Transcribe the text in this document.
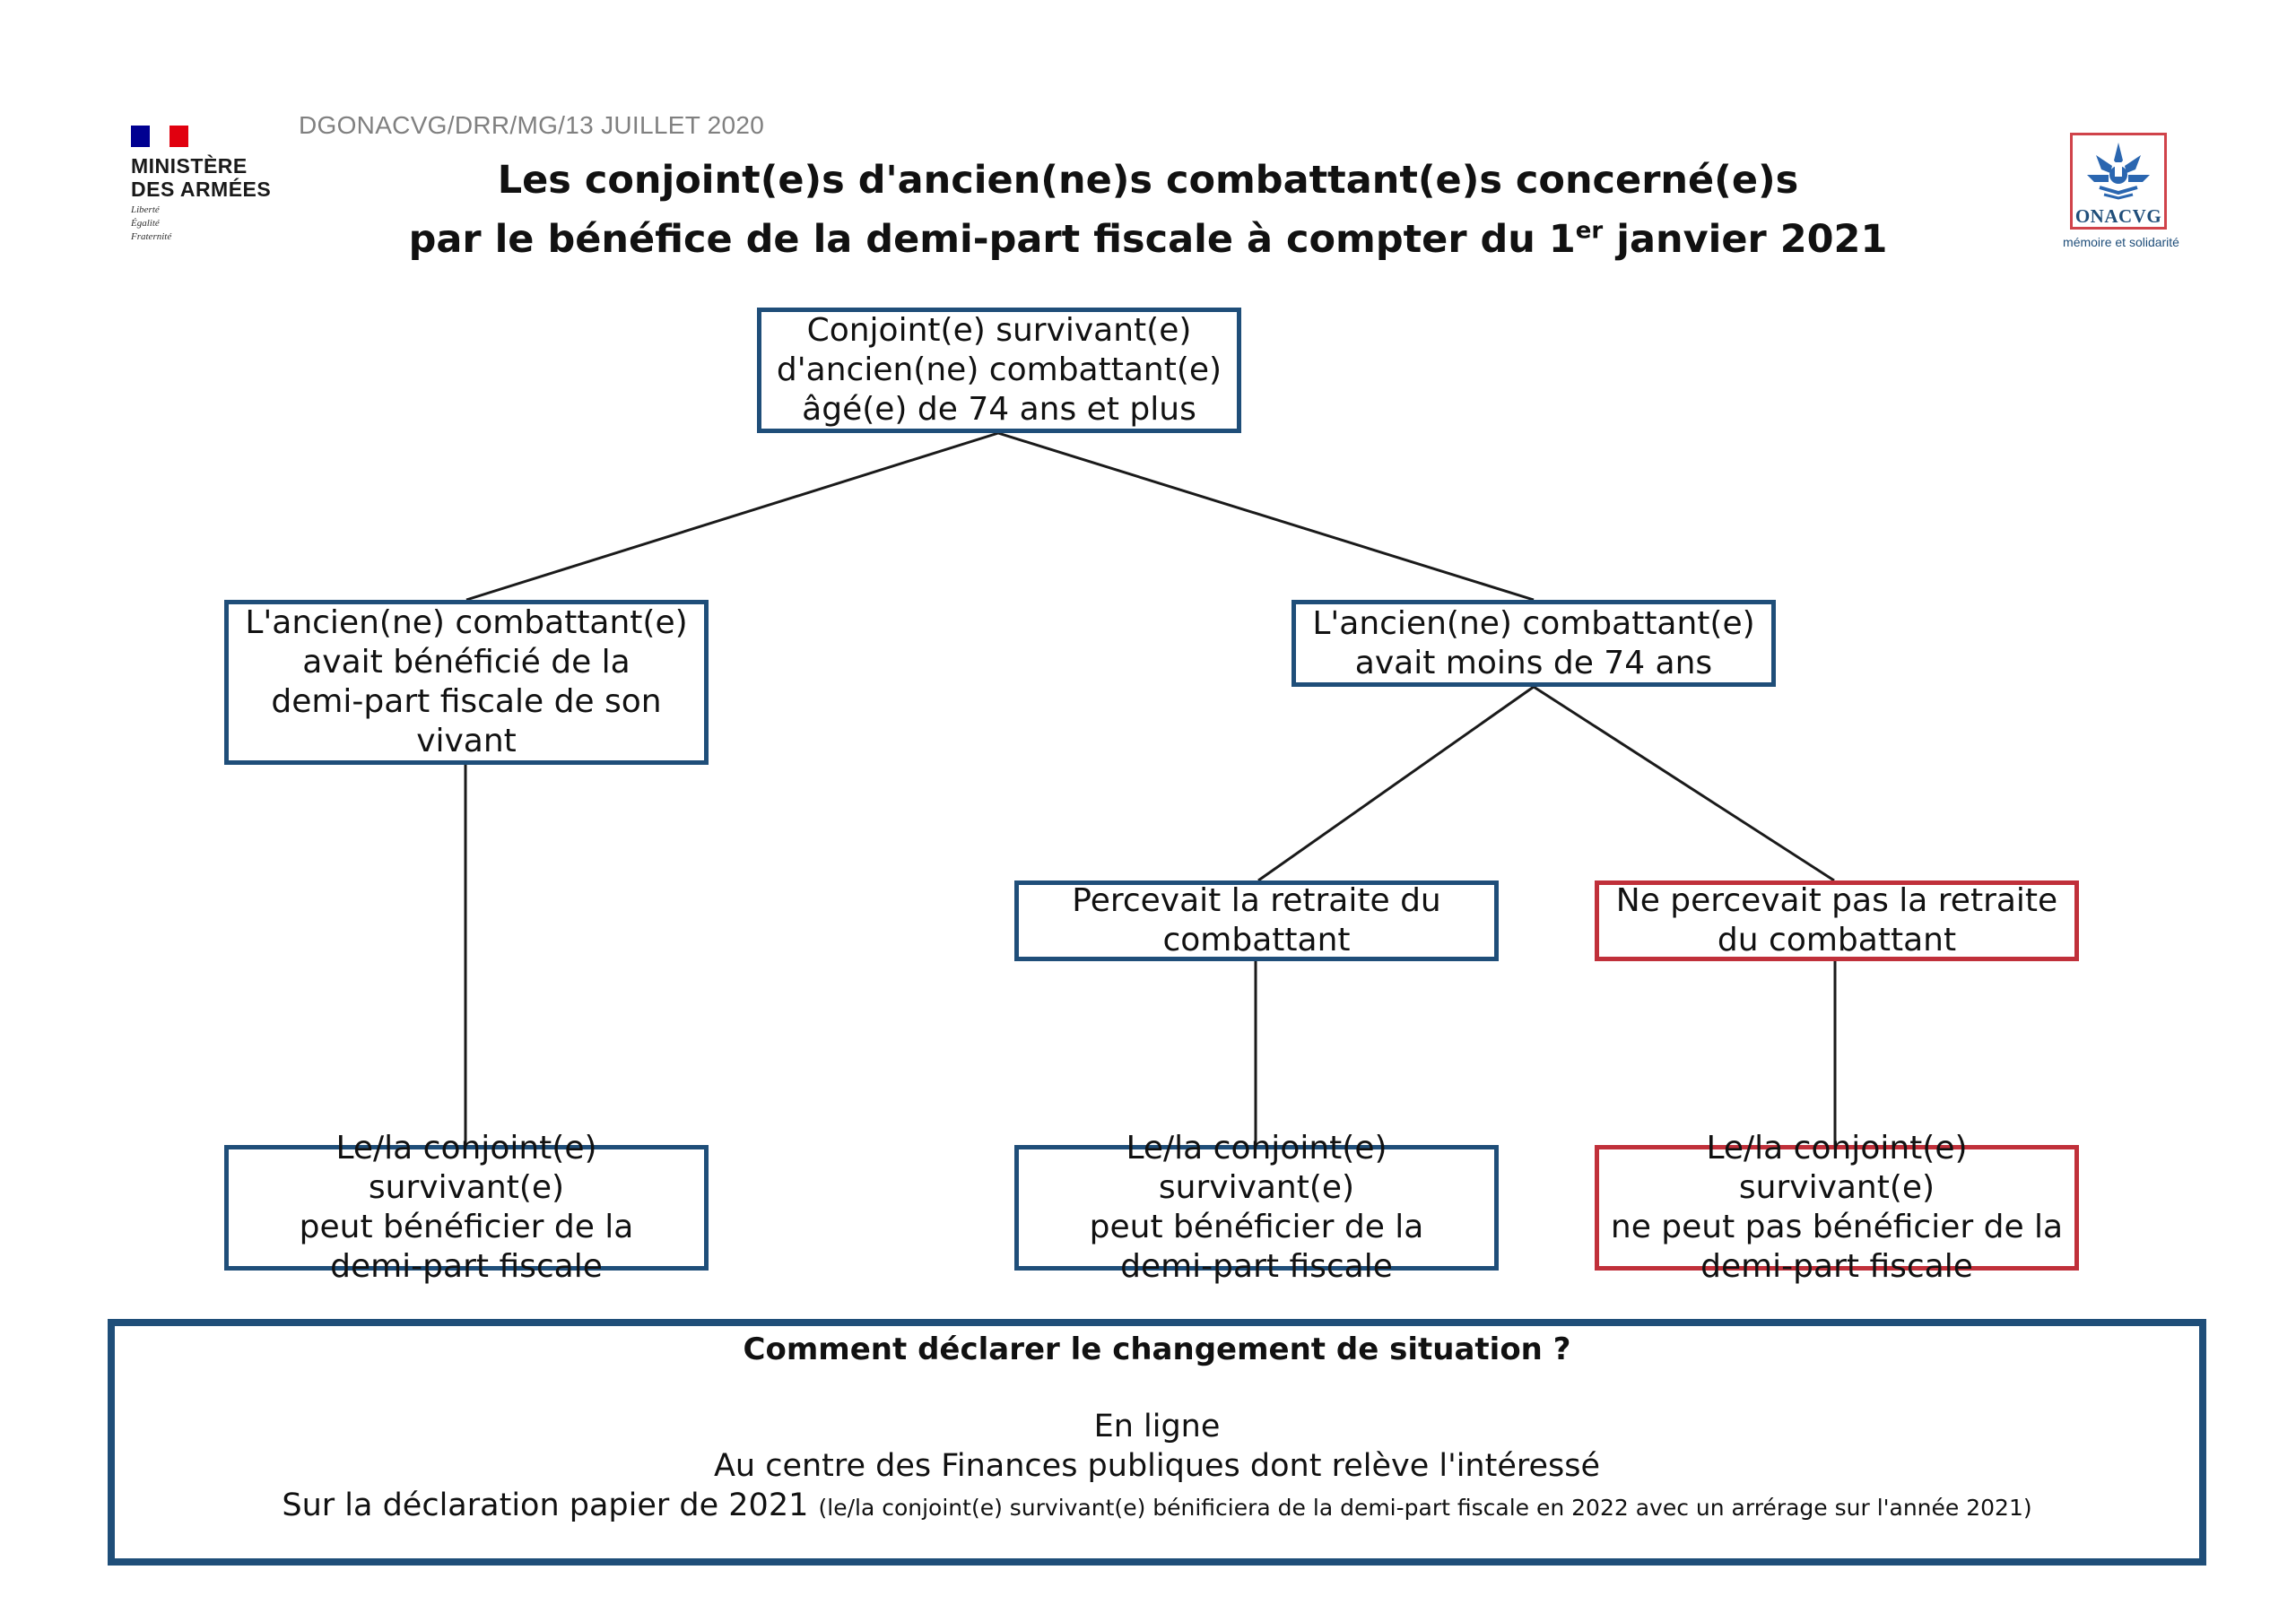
MINISTÈRE
DES ARMÉES
Liberté
Égalité
Fraternité
DGONACVG/DRR/MG/13 JUILLET 2020
Les conjoint(e)s d'ancien(ne)s combattant(e)s concerné(e)s
par le bénéfice de la demi-part fiscale à compter du 1er janvier 2021
ONACVG
mémoire et solidarité
Conjoint(e) survivant(e)
d'ancien(ne) combattant(e)
âgé(e) de 74 ans et plus
L'ancien(ne) combattant(e)
avait bénéficié de la
demi-part fiscale de son
vivant
L'ancien(ne) combattant(e)
avait moins de 74 ans
Percevait la retraite du
combattant
Ne percevait pas la retraite
du combattant
Le/la conjoint(e) survivant(e)
peut bénéficier de la
demi-part fiscale
Le/la conjoint(e) survivant(e)
peut bénéficier de la
demi-part fiscale
Le/la conjoint(e) survivant(e)
ne peut pas bénéficier de la
demi-part fiscale
Comment déclarer le changement de situation ?
En ligne
Au centre des Finances publiques dont relève l'intéressé
Sur la déclaration papier de 2021 (le/la conjoint(e) survivant(e) bénificiera de la demi-part fiscale en 2022 avec un arrérage sur l'année 2021)
